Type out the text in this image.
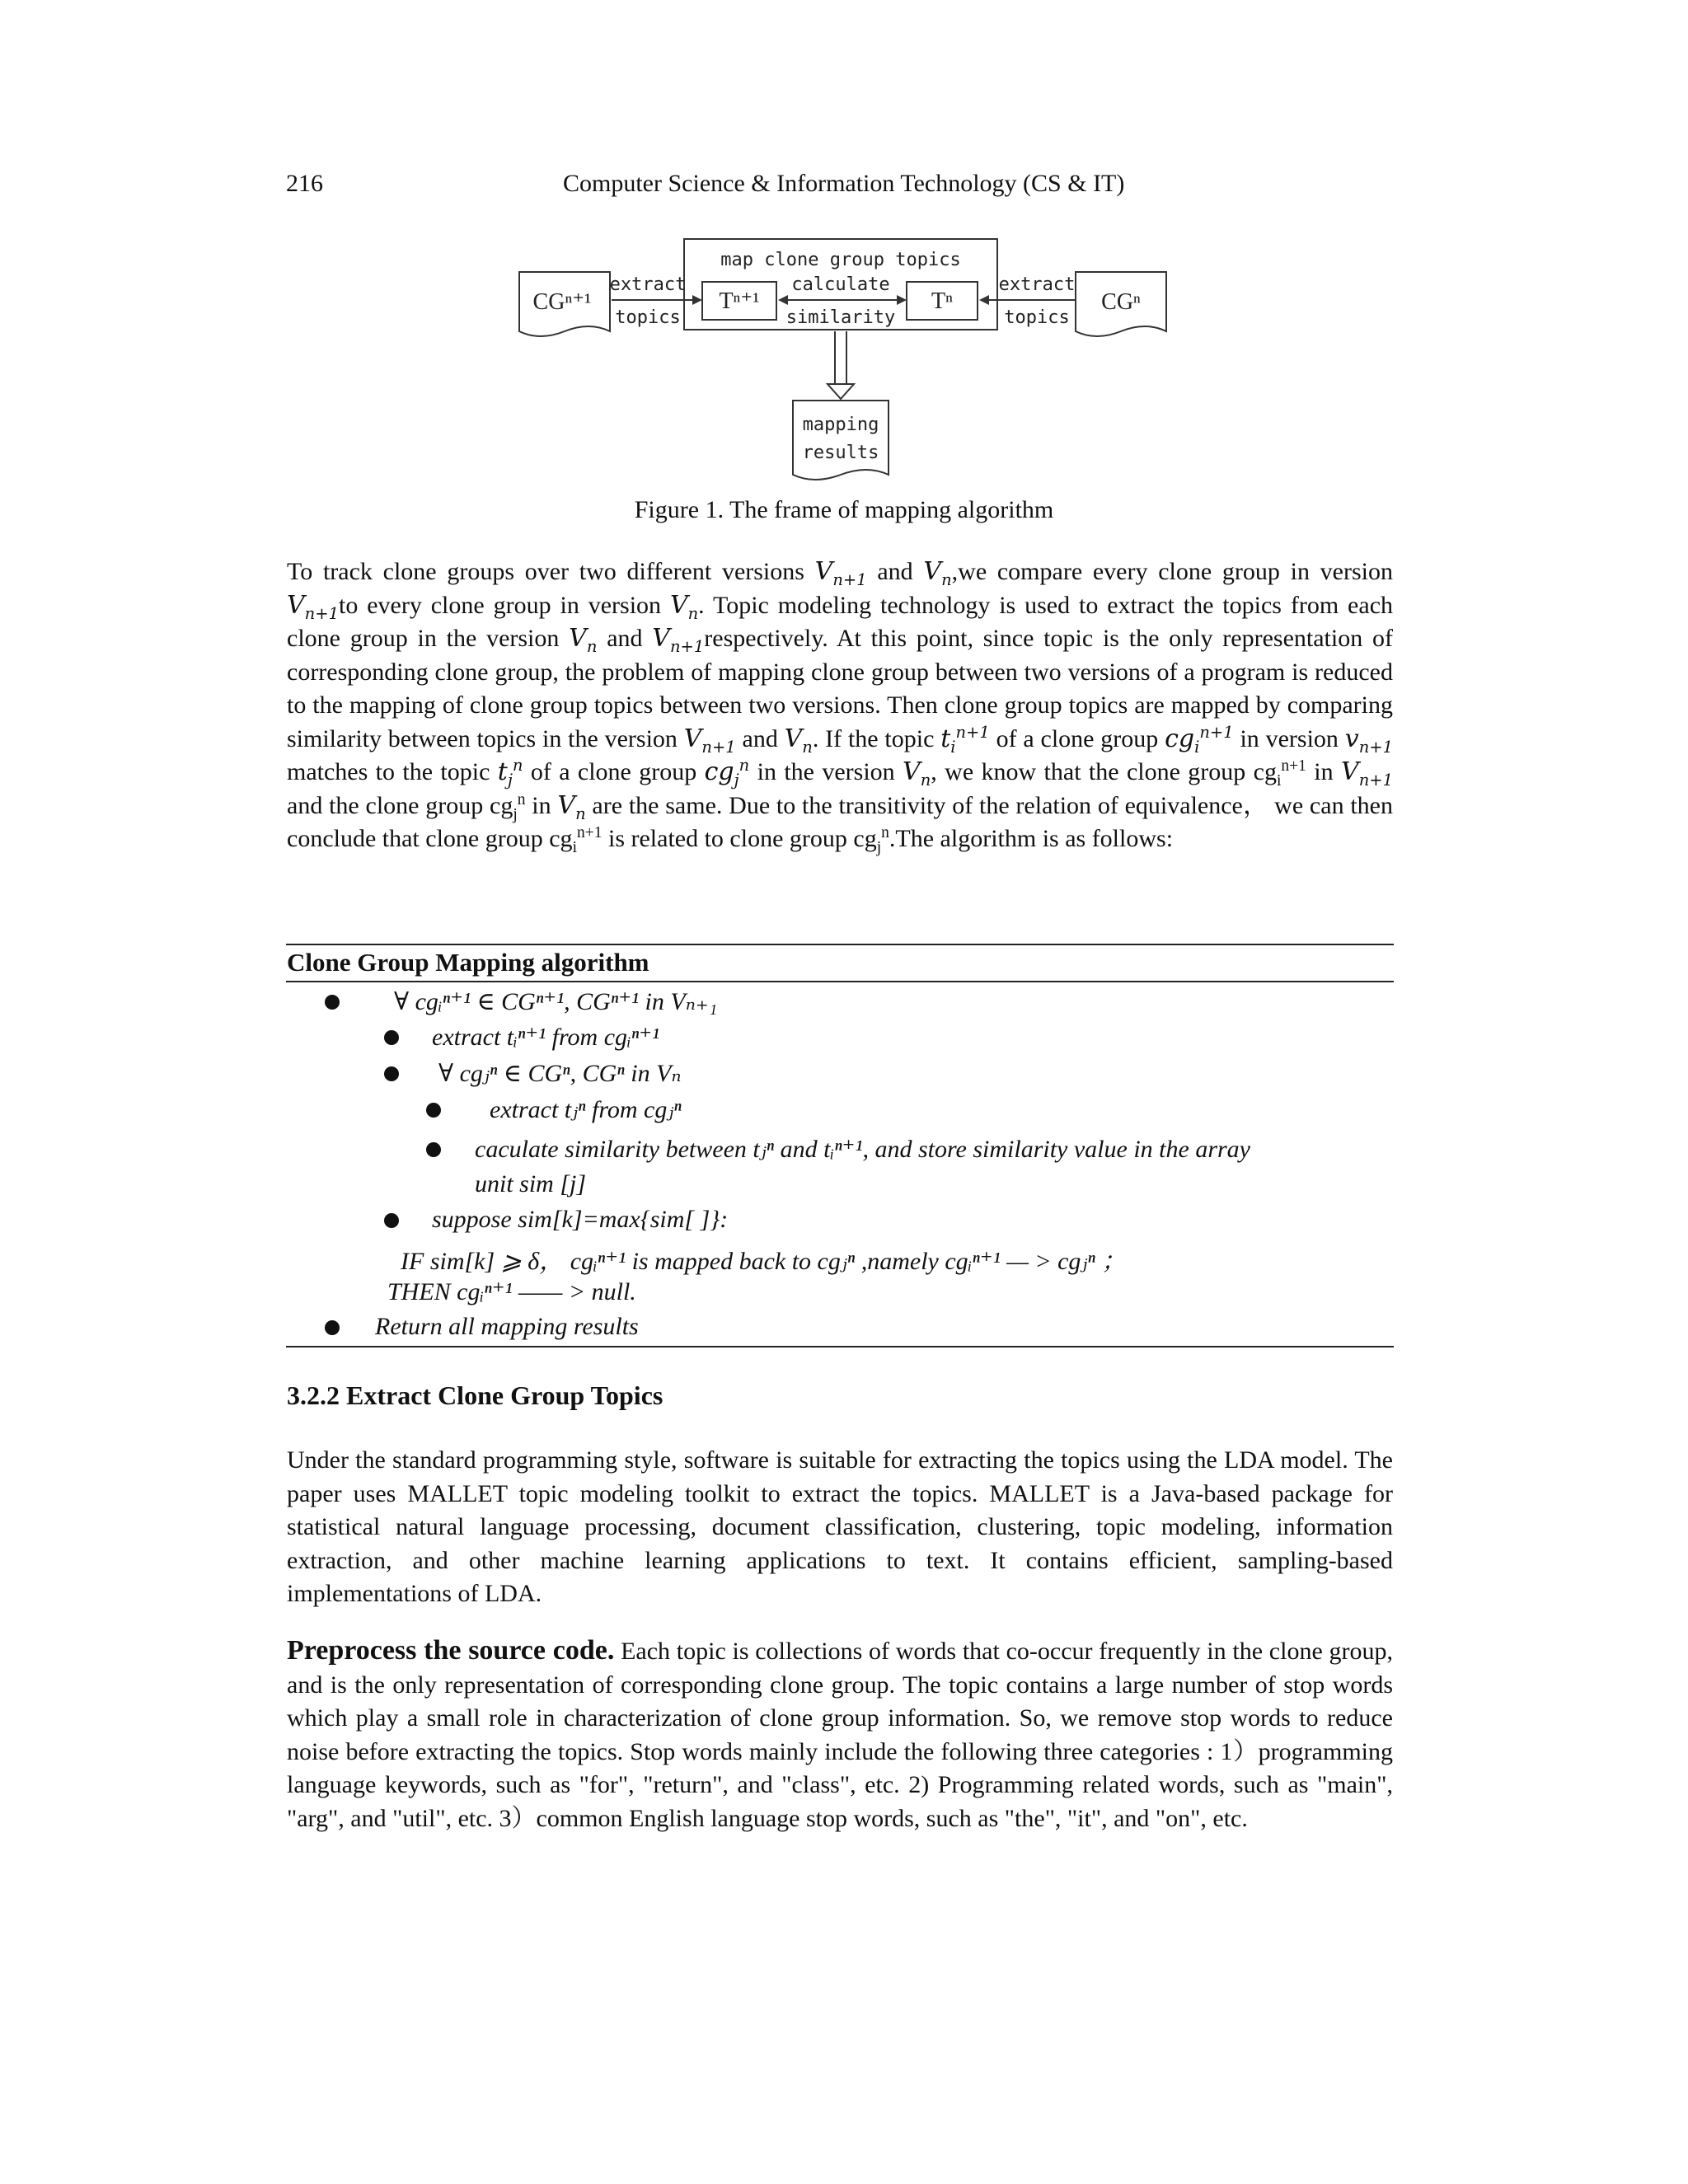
216	Computer Science & Information Technology (CS & IT)
map clone group topics
CGⁿ⁺¹	CGⁿ
extract
topics
Tⁿ⁺¹	Tⁿ
calculate
similarity
extract
topics
mapping
results
Figure 1. The frame of mapping algorithm

To track clone groups over two different versions $V_{n+1}$ and $V_n,we$ compare every clone group in version $V_{n+1}to$ every clone group in version $V_n$. Topic modeling technology is used to extract the topics from each clone group in the version $V_n$ and $V_{n+1}respectively$. At this point, since topic is the only representation of corresponding clone group, the problem of mapping clone group between two versions of a program is reduced to the mapping of clone group topics between two versions. Then clone group topics are mapped by comparing similarity between topics in the version $V_{n+1}$ and $V_n$. If the topic $t_i^{n+1}$ of a clone group $cg_i^{n+1}$ in version $v_{n+1}$ matches to the topic $t_j^n$ of a clone group $cg_j^n$ in the version $V_n$, we know that the clone group $cg_i^{n+1}$ in $V_{n+1}$ and the clone group $cg_j^n$ in $V_n$ are the same. Due to the transitivity of the relation of equivalence， we can then conclude that clone group $cg_i^{n+1}$ is related to clone group $cg_j^n.The$ algorithm is as follows:

Clone Group Mapping algorithm
∀ cgᵢⁿ⁺¹ ∈ CGⁿ⁺¹, CGⁿ⁺¹ in Vₙ₊₁
extract tᵢⁿ⁺¹ from cgᵢⁿ⁺¹
∀ cgⱼⁿ ∈ CGⁿ, CGⁿ in Vₙ
extract tⱼⁿ from cgⱼⁿ
caculate similarity between tⱼⁿ and tᵢⁿ⁺¹, and store similarity value in the array
unit sim [j]
suppose sim[k]=max{sim[ ]}:
IF sim[k] ⩾ δ， cgᵢⁿ⁺¹ is mapped back to cgⱼⁿ ,namely cgᵢⁿ⁺¹ — > cgⱼⁿ ；
THEN cgᵢⁿ⁺¹ —— > null.
Return all mapping results
3.2.2 Extract Clone Group Topics

Under the standard programming style, software is suitable for extracting the topics using the LDA model. The paper uses MALLET topic modeling toolkit to extract the topics. MALLET is a Java-based package for statistical natural language processing, document classification, clustering, topic modeling, information extraction, and other machine learning applications to text. It contains efficient, sampling-based implementations of LDA.

Preprocess the source code. Each topic is collections of words that co-occur frequently in the clone group, and is the only representation of corresponding clone group. The topic contains a large number of stop words which play a small role in characterization of clone group information. So, we remove stop words to reduce noise before extracting the topics. Stop words mainly include the following three categories : 1）programming language keywords, such as "for", "return", and "class", etc. 2) Programming related words, such as "main", "arg", and "util", etc. 3）common English language stop words, such as "the", "it", and "on", etc.
